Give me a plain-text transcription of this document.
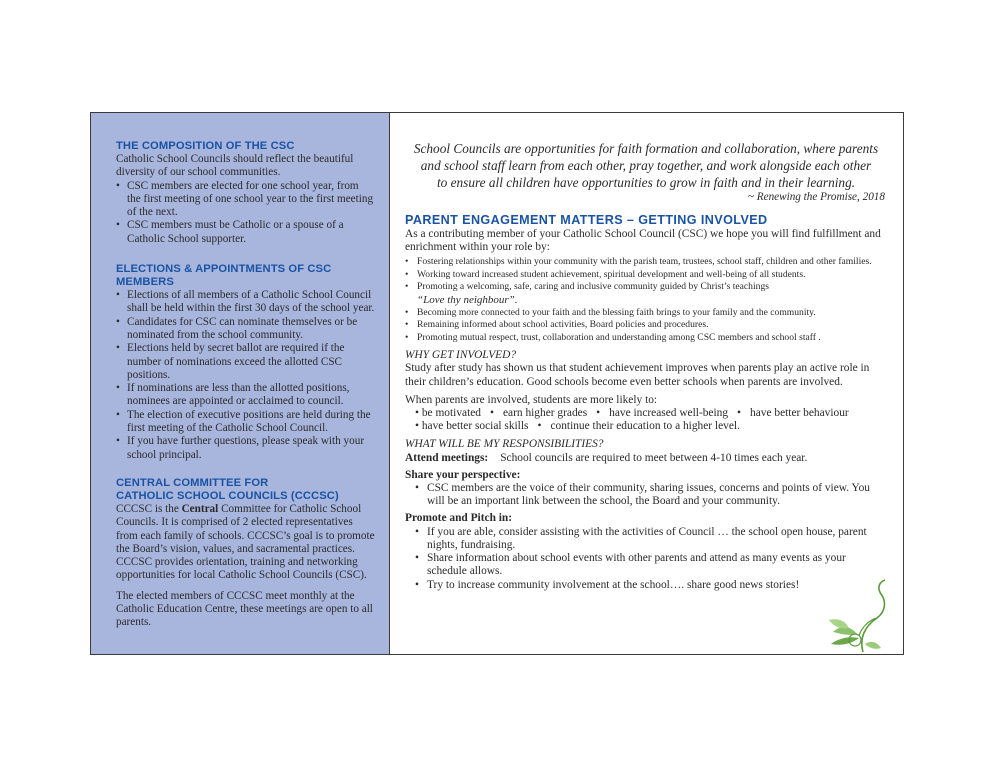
THE COMPOSITION OF THE CSC
Catholic School Councils should reflect the beautiful diversity of our school communities.
• CSC members are elected for one school year, from the first meeting of one school year to the first meeting of the next.
• CSC members must be Catholic or a spouse of a Catholic School supporter.
ELECTIONS & APPOINTMENTS OF CSC MEMBERS
• Elections of all members of a Catholic School Council shall be held within the first 30 days of the school year.
• Candidates for CSC can nominate themselves or be nominated from the school community.
• Elections held by secret ballot are required if the number of nominations exceed the allotted CSC positions.
• If nominations are less than the allotted positions, nominees are appointed or acclaimed to council.
• The election of executive positions are held during the first meeting of the Catholic School Council.
• If you have further questions, please speak with your school principal.
CENTRAL COMMITTEE FOR
CATHOLIC SCHOOL COUNCILS (CCCSC)
CCCSC is the Central Committee for Catholic School Councils. It is comprised of 2 elected representatives from each family of schools. CCCSC’s goal is to promote the Board’s vision, values, and sacramental practices. CCCSC provides orientation, training and networking opportunities for local Catholic School Councils (CSC).
The elected members of CCCSC meet monthly at the Catholic Education Centre, these meetings are open to all parents.
School Councils are opportunities for faith formation and collaboration, where parents
and school staff learn from each other, pray together, and work alongside each other
to ensure all children have opportunities to grow in faith and in their learning.
~ Renewing the Promise, 2018
PARENT ENGAGEMENT MATTERS – GETTING INVOLVED
As a contributing member of your Catholic School Council (CSC) we hope you will find fulfillment and enrichment within your role by:
• Fostering relationships within your community with the parish team, trustees, school staff, children and other families.
• Working toward increased student achievement, spiritual development and well-being of all students.
• Promoting a welcoming, safe, caring and inclusive community guided by Christ’s teachings
“Love thy neighbour”.
• Becoming more connected to your faith and the blessing faith brings to your family and the community.
• Remaining informed about school activities, Board policies and procedures.
• Promoting mutual respect, trust, collaboration and understanding among CSC members and school staff .
WHY GET INVOLVED?
Study after study has shown us that student achievement improves when parents play an active role in their children’s education. Good schools become even better schools when parents are involved.
When parents are involved, students are more likely to:
• be motivated • earn higher grades • have increased well-being • have better behaviour
• have better social skills • continue their education to a higher level.
WHAT WILL BE MY RESPONSIBILITIES?
Attend meetings: School councils are required to meet between 4-10 times each year.
Share your perspective:
• CSC members are the voice of their community, sharing issues, concerns and points of view. You will be an important link between the school, the Board and your community.
Promote and Pitch in:
• If you are able, consider assisting with the activities of Council … the school open house, parent nights, fundraising.
• Share information about school events with other parents and attend as many events as your schedule allows.
• Try to increase community involvement at the school…. share good news stories!
